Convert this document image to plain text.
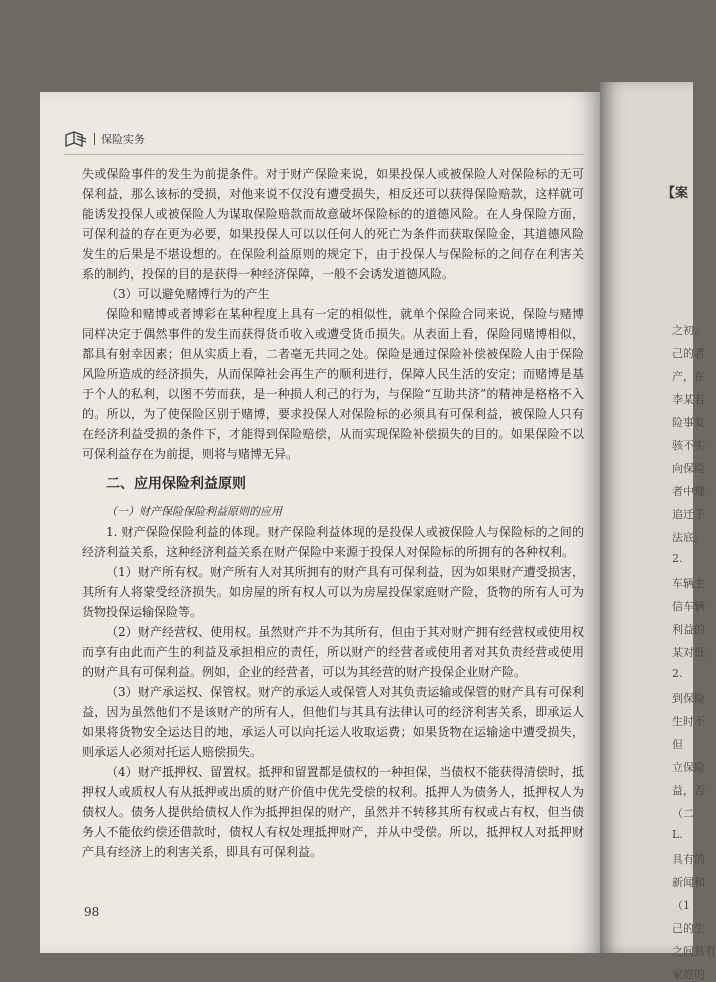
【案
之初，
己的者
产，在
李某若
险事发
骇不实
向保险
者中理
追迁予
法底。
2.
车辆主
信车辆
利益的
某对低
2.
到保险
生时不
但
立保险
益，否
（二
L.
具有的
新闻和
（1
己的生
之间具有
家庭的
保险实务

失或保险事件的发生为前提条件。对于财产保险来说，如果投保人或被保险人对保险标的无可保利益，那么该标的受损，对他来说不仅没有遭受损失，相反还可以获得保险赔款，这样就可能诱发投保人或被保险人为谋取保险赔款而故意破坏保险标的的道德风险。在人身保险方面，可保利益的存在更为必要，如果投保人可以以任何人的死亡为条件而获取保险金，其道德风险发生的后果是不堪设想的。在保险利益原则的规定下，由于投保人与保险标的之间存在利害关系的制约，投保的目的是获得一种经济保障，一般不会诱发道德风险。

（3）可以避免赌博行为的产生

保险和赌博或者博彩在某种程度上具有一定的相似性，就单个保险合同来说，保险与赌博同样决定于偶然事件的发生而获得货币收入或遭受货币损失。从表面上看，保险同赌博相似，都具有射幸因素；但从实质上看，二者毫无共同之处。保险是通过保险补偿被保险人由于保险风险所造成的经济损失，从而保障社会再生产的顺利进行，保障人民生活的安定；而赌博是基于个人的私利，以图不劳而获，是一种损人利己的行为，与保险“互助共济”的精神是格格不入的。所以，为了使保险区别于赌博，要求投保人对保险标的必须具有可保利益，被保险人只有在经济利益受损的条件下，才能得到保险赔偿，从而实现保险补偿损失的目的。如果保险不以可保利益存在为前提，则将与赌博无异。

二、应用保险利益原则
（一）财产保险保险利益原则的应用

1. 财产保险保险利益的体现。财产保险利益体现的是投保人或被保险人与保险标的之间的经济利益关系，这种经济利益关系在财产保险中来源于投保人对保险标的所拥有的各种权利。

（1）财产所有权。财产所有人对其所拥有的财产具有可保利益，因为如果财产遭受损害，其所有人将蒙受经济损失。如房屋的所有权人可以为房屋投保家庭财产险，货物的所有人可为货物投保运输保险等。

（2）财产经营权、使用权。虽然财产并不为其所有，但由于其对财产拥有经营权或使用权而享有由此而产生的利益及承担相应的责任，所以财产的经营者或使用者对其负责经营或使用的财产具有可保利益。例如，企业的经营者，可以为其经营的财产投保企业财产险。

（3）财产承运权、保管权。财产的承运人或保管人对其负责运输或保管的财产具有可保利益，因为虽然他们不是该财产的所有人，但他们与其具有法律认可的经济利害关系，即承运人如果将货物安全运达目的地，承运人可以向托运人收取运费；如果货物在运输途中遭受损失，则承运人必须对托运人赔偿损失。

（4）财产抵押权、留置权。抵押和留置都是债权的一种担保，当债权不能获得清偿时，抵押权人或质权人有从抵押或出质的财产价值中优先受偿的权利。抵押人为债务人，抵押权人为债权人。债务人提供给债权人作为抵押担保的财产，虽然并不转移其所有权或占有权，但当债务人不能依约偿还借款时，债权人有权处理抵押财产，并从中受偿。所以，抵押权人对抵押财产具有经济上的利害关系，即具有可保利益。

98
